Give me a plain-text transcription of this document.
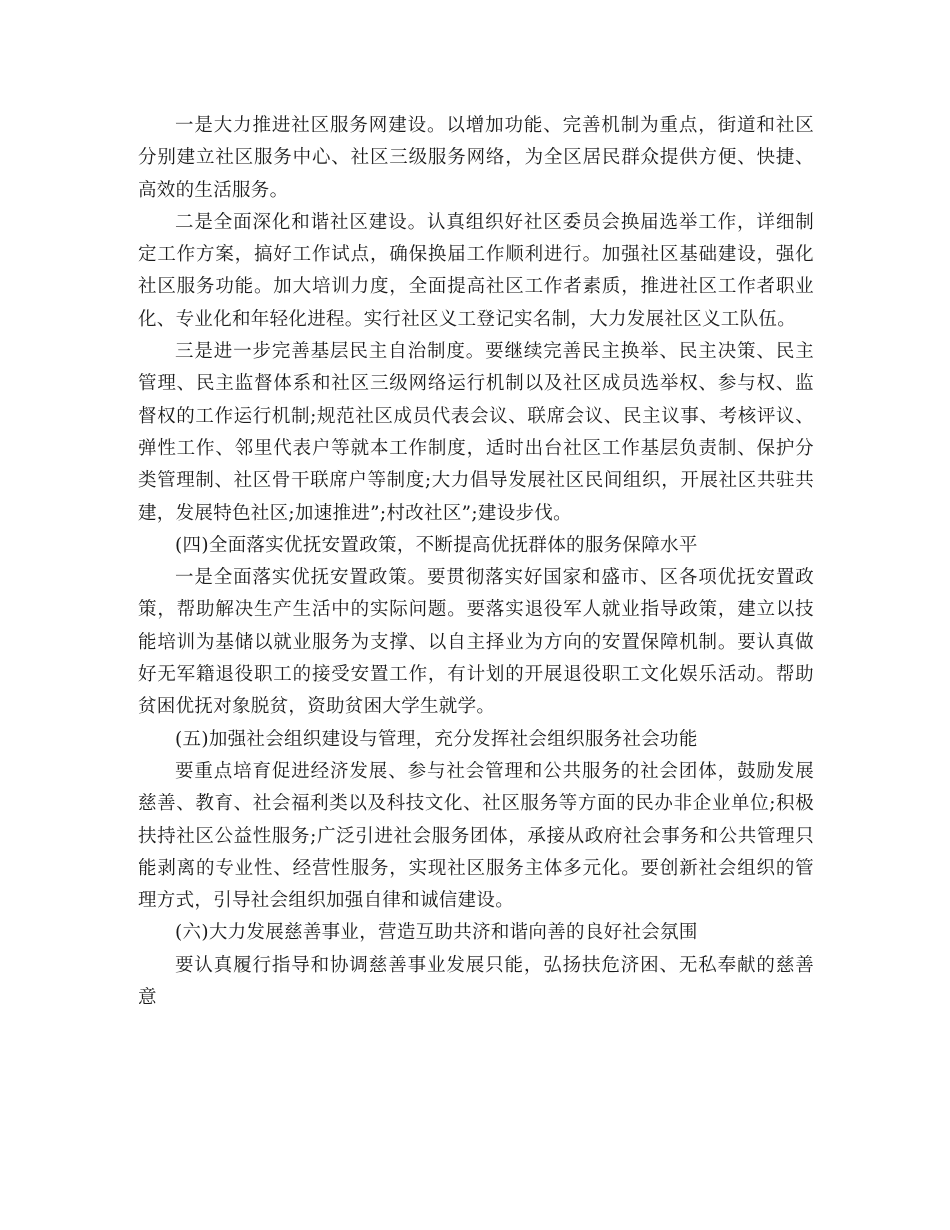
一是大力推进社区服务网建设。以增加功能、完善机制为重点，街道和社区分别建立社区服务中心、社区三级服务网络，为全区居民群众提供方便、快捷、高效的生活服务。

二是全面深化和谐社区建设。认真组织好社区委员会换届选举工作，详细制定工作方案，搞好工作试点，确保换届工作顺利进行。加强社区基础建设，强化社区服务功能。加大培训力度，全面提高社区工作者素质，推进社区工作者职业化、专业化和年轻化进程。实行社区义工登记实名制，大力发展社区义工队伍。

三是进一步完善基层民主自治制度。要继续完善民主换举、民主决策、民主管理、民主监督体系和社区三级网络运行机制以及社区成员选举权、参与权、监督权的工作运行机制;规范社区成员代表会议、联席会议、民主议事、考核评议、弹性工作、邻里代表户等就本工作制度，适时出台社区工作基层负责制、保护分类管理制、社区骨干联席户等制度;大力倡导发展社区民间组织，开展社区共驻共建，发展特色社区;加速推进”;村改社区”;建设步伐。

(四)全面落实优抚安置政策，不断提高优抚群体的服务保障水平

一是全面落实优抚安置政策。要贯彻落实好国家和盛市、区各项优抚安置政策，帮助解决生产生活中的实际问题。要落实退役军人就业指导政策，建立以技能培训为基储以就业服务为支撑、以自主择业为方向的安置保障机制。要认真做好无军籍退役职工的接受安置工作，有计划的开展退役职工文化娱乐活动。帮助贫困优抚对象脱贫，资助贫困大学生就学。

(五)加强社会组织建设与管理，充分发挥社会组织服务社会功能

要重点培育促进经济发展、参与社会管理和公共服务的社会团体，鼓励发展慈善、教育、社会福利类以及科技文化、社区服务等方面的民办非企业单位;积极扶持社区公益性服务;广泛引进社会服务团体，承接从政府社会事务和公共管理只能剥离的专业性、经营性服务，实现社区服务主体多元化。要创新社会组织的管理方式，引导社会组织加强自律和诚信建设。

(六)大力发展慈善事业，营造互助共济和谐向善的良好社会氛围

要认真履行指导和协调慈善事业发展只能，弘扬扶危济困、无私奉献的慈善意
